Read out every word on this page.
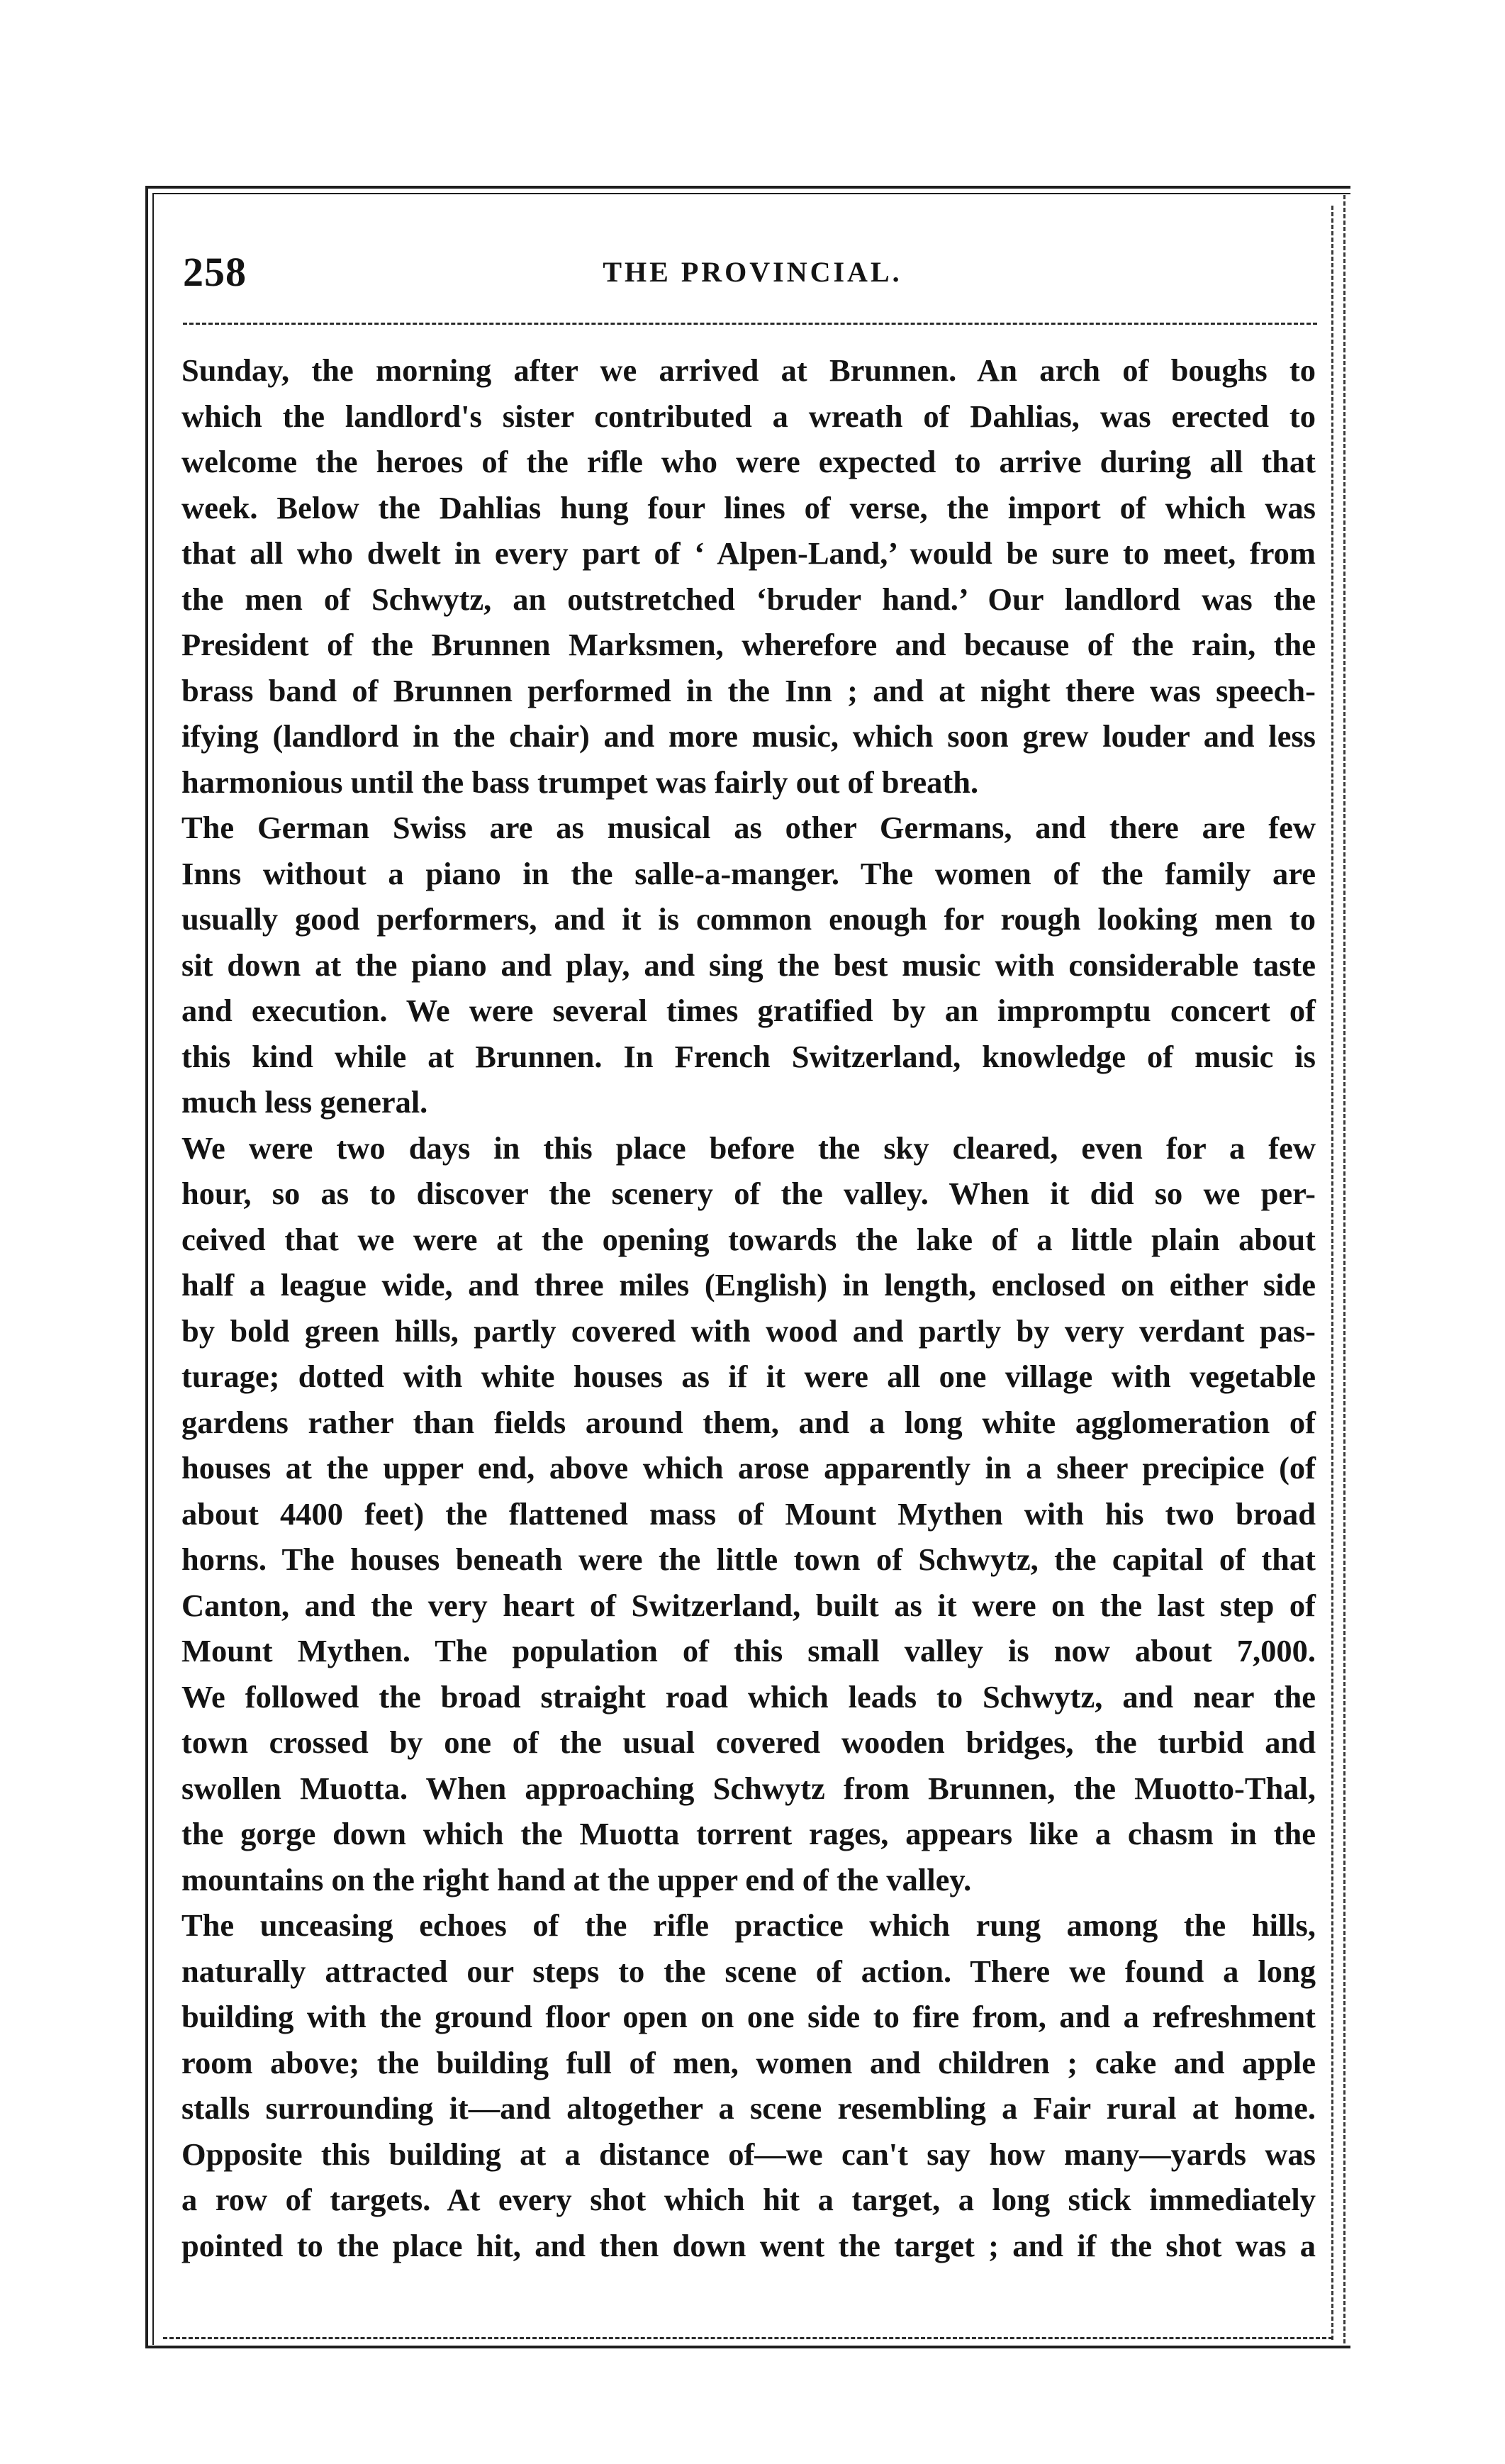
258	THE PROVINCIAL.
Sunday, the morning after we arrived at Brunnen. An arch of boughs to
which the landlord's sister contributed a wreath of Dahlias, was erected to
welcome the heroes of the rifle who were expected to arrive during all that
week. Below the Dahlias hung four lines of verse, the import of which was
that all who dwelt in every part of ‘ Alpen-Land,’ would be sure to meet, from
the men of Schwytz, an outstretched ‘bruder hand.’ Our landlord was the
President of the Brunnen Marksmen, wherefore and because of the rain, the
brass band of Brunnen performed in the Inn ; and at night there was speech-
ifying (landlord in the chair) and more music, which soon grew louder and less
harmonious until the bass trumpet was fairly out of breath.
The German Swiss are as musical as other Germans, and there are few
Inns without a piano in the salle-a-manger. The women of the family are
usually good performers, and it is common enough for rough looking men to
sit down at the piano and play, and sing the best music with considerable taste
and execution. We were several times gratified by an impromptu concert of
this kind while at Brunnen. In French Switzerland, knowledge of music is
much less general.
We were two days in this place before the sky cleared, even for a few
hour, so as to discover the scenery of the valley. When it did so we per-
ceived that we were at the opening towards the lake of a little plain about
half a league wide, and three miles (English) in length, enclosed on either side
by bold green hills, partly covered with wood and partly by very verdant pas-
turage; dotted with white houses as if it were all one village with vegetable
gardens rather than fields around them, and a long white agglomeration of
houses at the upper end, above which arose apparently in a sheer precipice (of
about 4400 feet) the flattened mass of Mount Mythen with his two broad
horns. The houses beneath were the little town of Schwytz, the capital of that
Canton, and the very heart of Switzerland, built as it were on the last step of
Mount Mythen. The population of this small valley is now about 7,000.
We followed the broad straight road which leads to Schwytz, and near the
town crossed by one of the usual covered wooden bridges, the turbid and
swollen Muotta. When approaching Schwytz from Brunnen, the Muotto-Thal,
the gorge down which the Muotta torrent rages, appears like a chasm in the
mountains on the right hand at the upper end of the valley.
The unceasing echoes of the rifle practice which rung among the hills,
naturally attracted our steps to the scene of action. There we found a long
building with the ground floor open on one side to fire from, and a refreshment
room above; the building full of men, women and children ; cake and apple
stalls surrounding it—and altogether a scene resembling a Fair rural at home.
Opposite this building at a distance of—we can't say how many—yards was
a row of targets. At every shot which hit a target, a long stick immediately
pointed to the place hit, and then down went the target ; and if the shot was a
